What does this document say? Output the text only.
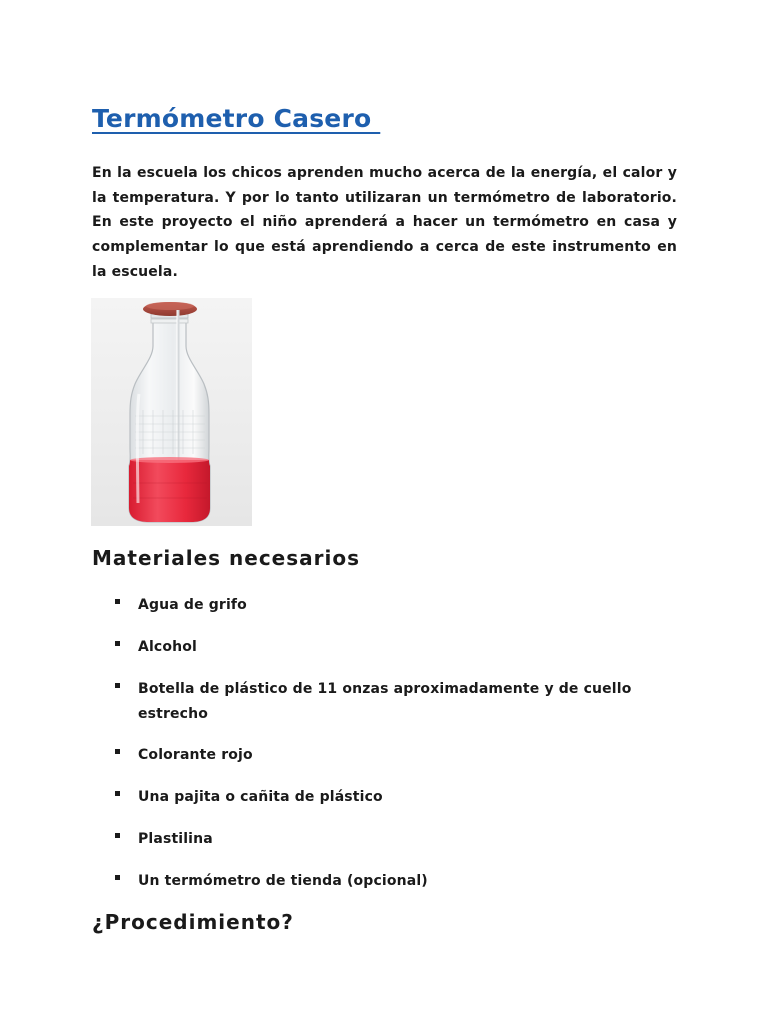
Termómetro Casero

En la escuela los chicos aprenden mucho acerca de la energía, el calor y la temperatura. Y por lo tanto utilizaran un termómetro de laboratorio. En este proyecto el niño aprenderá a hacer un termómetro en casa y complementar lo que está aprendiendo a cerca de este instrumento en la escuela.

Materiales necesarios
Agua de grifo
Alcohol
Botella de plástico de 11 onzas aproximadamente y de cuello estrecho
Colorante rojo
Una pajita o cañita de plástico
Plastilina
Un termómetro de tienda (opcional)
¿Procedimiento?
